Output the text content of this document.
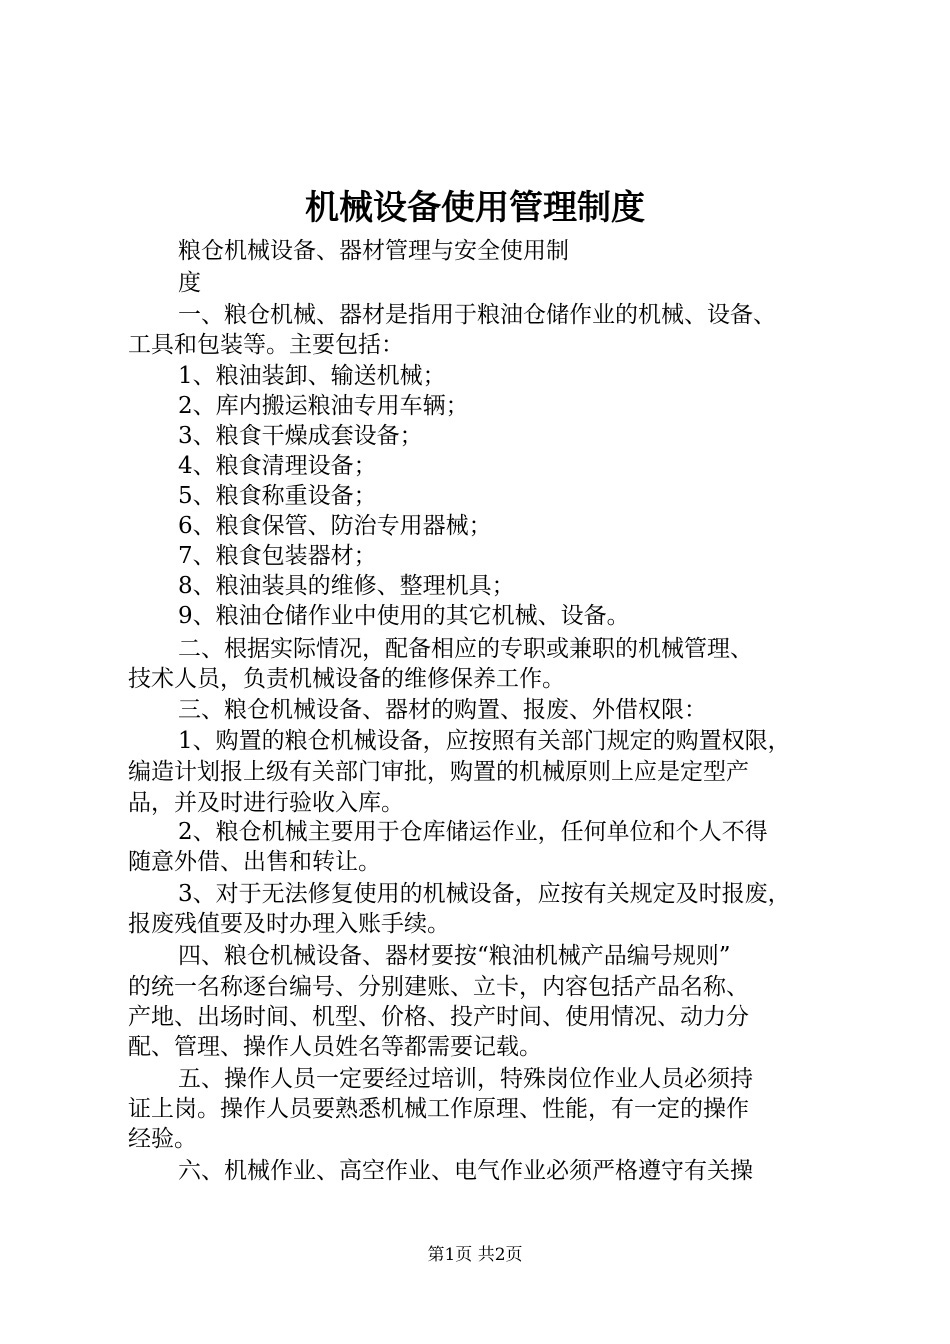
机械设备使用管理制度
粮仓机械设备、器材管理与安全使用制
度
一、粮仓机械、器材是指用于粮油仓储作业的机械、设备、
工具和包装等。主要包括：
1、粮油装卸、输送机械；
2、库内搬运粮油专用车辆；
3、粮食干燥成套设备；
4、粮食清理设备；
5、粮食称重设备；
6、粮食保管、防治专用器械；
7、粮食包装器材；
8、粮油装具的维修、整理机具；
9、粮油仓储作业中使用的其它机械、设备。
二、根据实际情况，配备相应的专职或兼职的机械管理、
技术人员，负责机械设备的维修保养工作。
三、粮仓机械设备、器材的购置、报废、外借权限：
1、购置的粮仓机械设备，应按照有关部门规定的购置权限，
编造计划报上级有关部门审批，购置的机械原则上应是定型产
品，并及时进行验收入库。
2、粮仓机械主要用于仓库储运作业，任何单位和个人不得
随意外借、出售和转让。
3、对于无法修复使用的机械设备，应按有关规定及时报废，
报废残值要及时办理入账手续。
四、粮仓机械设备、器材要按“粮油机械产品编号规则”
的统一名称逐台编号、分别建账、立卡，内容包括产品名称、
产地、出场时间、机型、价格、投产时间、使用情况、动力分
配、管理、操作人员姓名等都需要记载。
五、操作人员一定要经过培训，特殊岗位作业人员必须持
证上岗。操作人员要熟悉机械工作原理、性能，有一定的操作
经验。
六、机械作业、高空作业、电气作业必须严格遵守有关操
第1页 共2页
